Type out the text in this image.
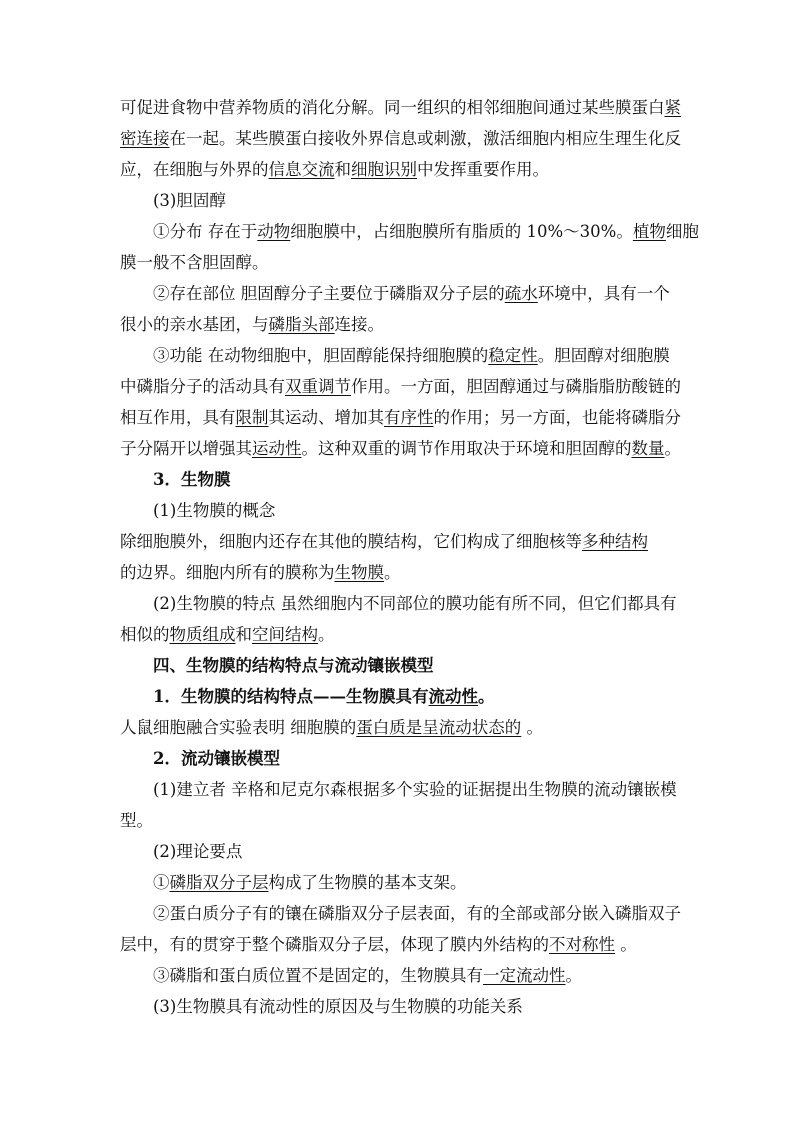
可促进食物中营养物质的消化分解。同一组织的相邻细胞间通过某些膜蛋白紧
密连接在一起。某些膜蛋白接收外界信息或刺激，激活细胞内相应生理生化反
应，在细胞与外界的信息交流和细胞识别中发挥重要作用。
(3)胆固醇
①分布 存在于动物细胞膜中，占细胞膜所有脂质的 10%～30%。植物细胞
膜一般不含胆固醇。
②存在部位 胆固醇分子主要位于磷脂双分子层的疏水环境中，具有一个
很小的亲水基团，与磷脂头部连接。
③功能 在动物细胞中，胆固醇能保持细胞膜的稳定性。胆固醇对细胞膜
中磷脂分子的活动具有双重调节作用。一方面，胆固醇通过与磷脂脂肪酸链的
相互作用，具有限制其运动、增加其有序性的作用；另一方面，也能将磷脂分
子分隔开以增强其运动性。这种双重的调节作用取决于环境和胆固醇的数量。
3．生物膜
(1)生物膜的概念
除细胞膜外，细胞内还存在其他的膜结构，它们构成了细胞核等多种结构
的边界。细胞内所有的膜称为生物膜。
(2)生物膜的特点 虽然细胞内不同部位的膜功能有所不同，但它们都具有
相似的物质组成和空间结构。
四、生物膜的结构特点与流动镶嵌模型
1．生物膜的结构特点——生物膜具有流动性。
人鼠细胞融合实验表明 细胞膜的蛋白质是呈流动状态的 。
2．流动镶嵌模型
(1)建立者 辛格和尼克尔森根据多个实验的证据提出生物膜的流动镶嵌模
型。
(2)理论要点
①磷脂双分子层构成了生物膜的基本支架。
②蛋白质分子有的镶在磷脂双分子层表面，有的全部或部分嵌入磷脂双子
层中，有的贯穿于整个磷脂双分子层，体现了膜内外结构的不对称性 。
③磷脂和蛋白质位置不是固定的，生物膜具有一定流动性。
(3)生物膜具有流动性的原因及与生物膜的功能关系
